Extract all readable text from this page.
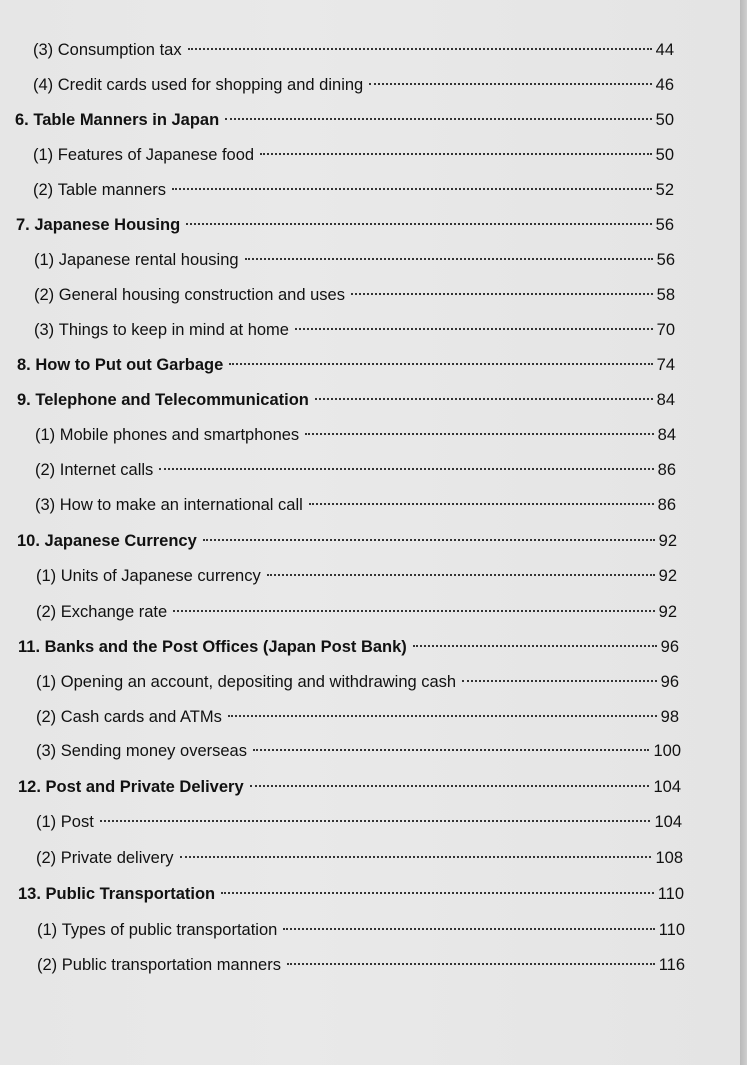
(3)
Consumption tax	44
(4)
Credit cards used for shopping and dining	46
6.
Table Manners in Japan	50
(1)
Features of Japanese food	50
(2)
Table manners	52
7.
Japanese Housing	56
(1)
Japanese rental housing	56
(2)
General housing construction and uses	58
(3)
Things to keep in mind at home	70
8.
How to Put out Garbage	74
9.
Telephone and Telecommunication	84
(1)
Mobile phones and smartphones	84
(2)
Internet calls	86
(3)
How to make an international call	86
10.
Japanese Currency	92
(1)
Units of Japanese currency	92
(2)
Exchange rate	92
11.
Banks and the Post Offices (Japan Post Bank)	96
(1)
Opening an account, depositing and withdrawing cash	96
(2)
Cash cards and ATMs	98
(3)
Sending money overseas	100
12.
Post and Private Delivery	104
(1)
Post	104
(2)
Private delivery	108
13.
Public Transportation	110
(1)
Types of public transportation	110
(2)
Public transportation manners	116
